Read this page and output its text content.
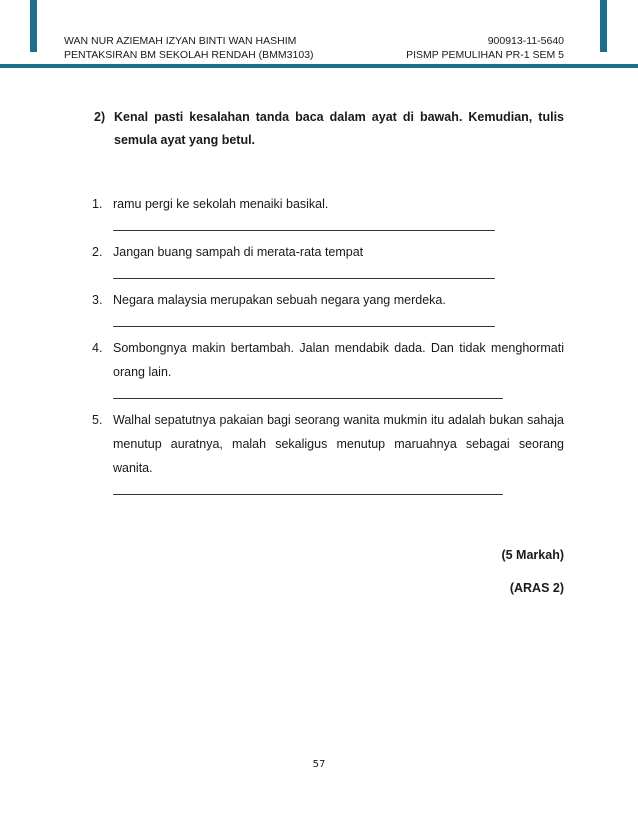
WAN NUR AZIEMAH IZYAN BINTI WAN HASHIM	900913-11-5640
PENTAKSIRAN BM SEKOLAH RENDAH (BMM3103)	PISMP PEMULIHAN PR-1 SEM 5
2) Kenal pasti kesalahan tanda baca dalam ayat di bawah. Kemudian, tulis semula ayat yang betul.
1. ramu pergi ke sekolah menaiki basikal.
2. Jangan buang sampah di merata-rata tempat
3. Negara malaysia merupakan sebuah negara yang merdeka.
4. Sombongnya makin bertambah. Jalan mendabik dada. Dan tidak menghormati orang lain.
5. Walhal sepatutnya pakaian bagi seorang wanita mukmin itu adalah bukan sahaja menutup auratnya, malah sekaligus menutup maruahnya sebagai seorang wanita.
(5 Markah)
(ARAS 2)
57
